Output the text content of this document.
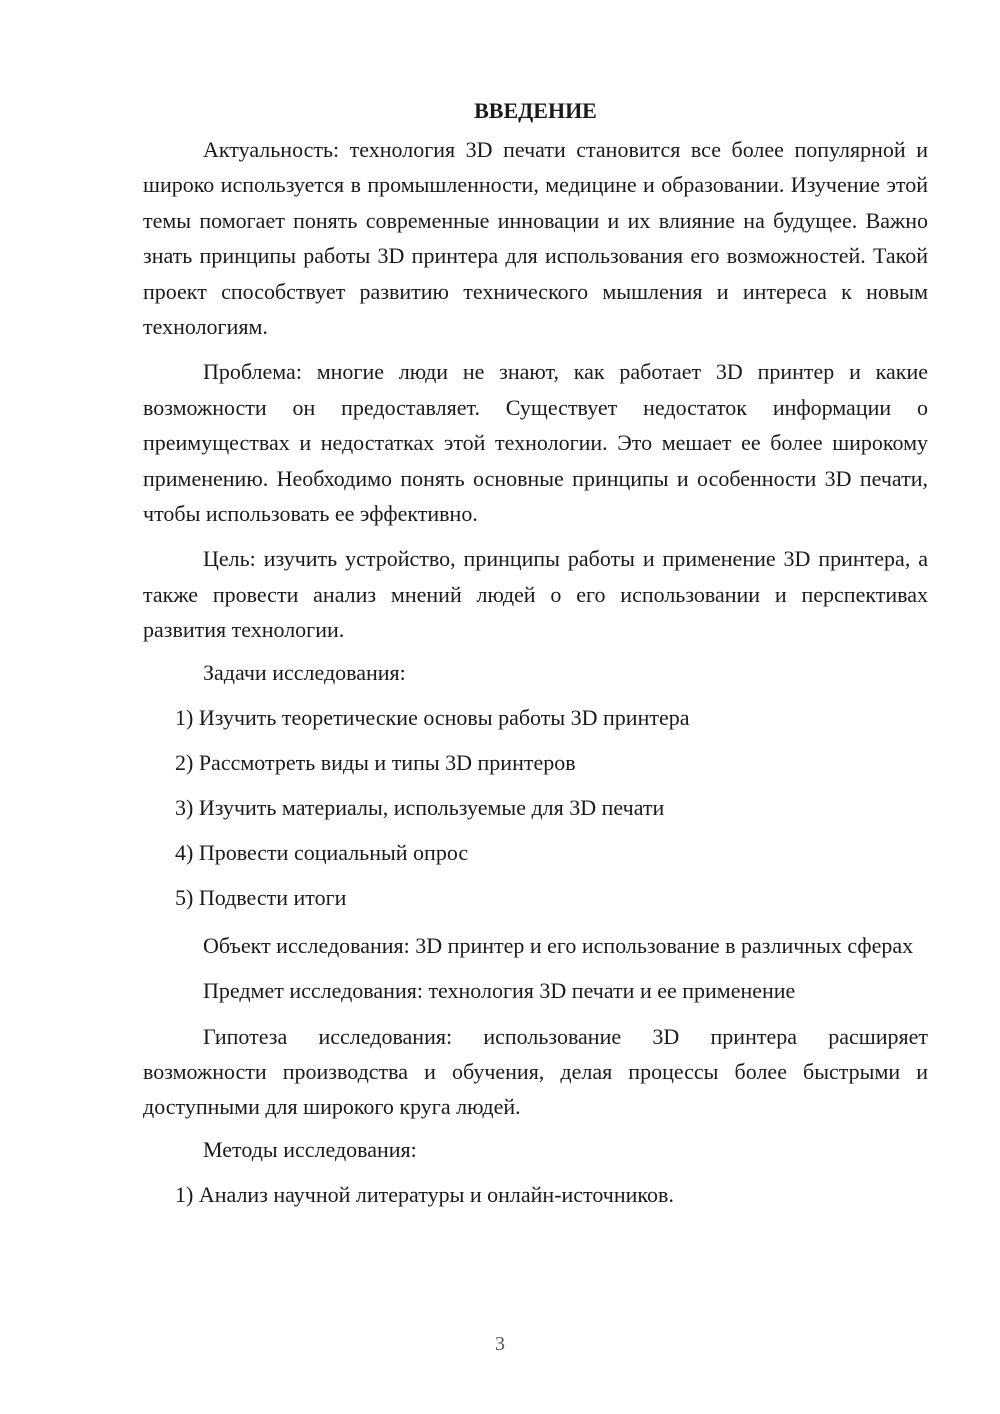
ВВЕДЕНИЕ

Актуальность: технология 3D печати становится все более популярной и широко используется в промышленности, медицине и образовании. Изучение этой темы помогает понять современные инновации и их влияние на будущее. Важно знать принципы работы 3D принтера для использования его возможностей. Такой проект способствует развитию технического мышления и интереса к новым технологиям.

Проблема: многие люди не знают, как работает 3D принтер и какие возможности он предоставляет. Существует недостаток информации о преимуществах и недостатках этой технологии. Это мешает ее более широкому применению. Необходимо понять основные принципы и особенности 3D печати, чтобы использовать ее эффективно.

Цель: изучить устройство, принципы работы и применение 3D принтера, а также провести анализ мнений людей о его использовании и перспективах развития технологии.

Задачи исследования:
1) Изучить теоретические основы работы 3D принтера
2) Рассмотреть виды и типы 3D принтеров
3) Изучить материалы, используемые для 3D печати
4) Провести социальный опрос
5) Подвести итоги

Объект исследования: 3D принтер и его использование в различных сферах

Предмет исследования: технология 3D печати и ее применение

Гипотеза исследования: использование 3D принтера расширяет возможности производства и обучения, делая процессы более быстрыми и доступными для широкого круга людей.

Методы исследования:
1) Анализ научной литературы и онлайн-источников.
3
